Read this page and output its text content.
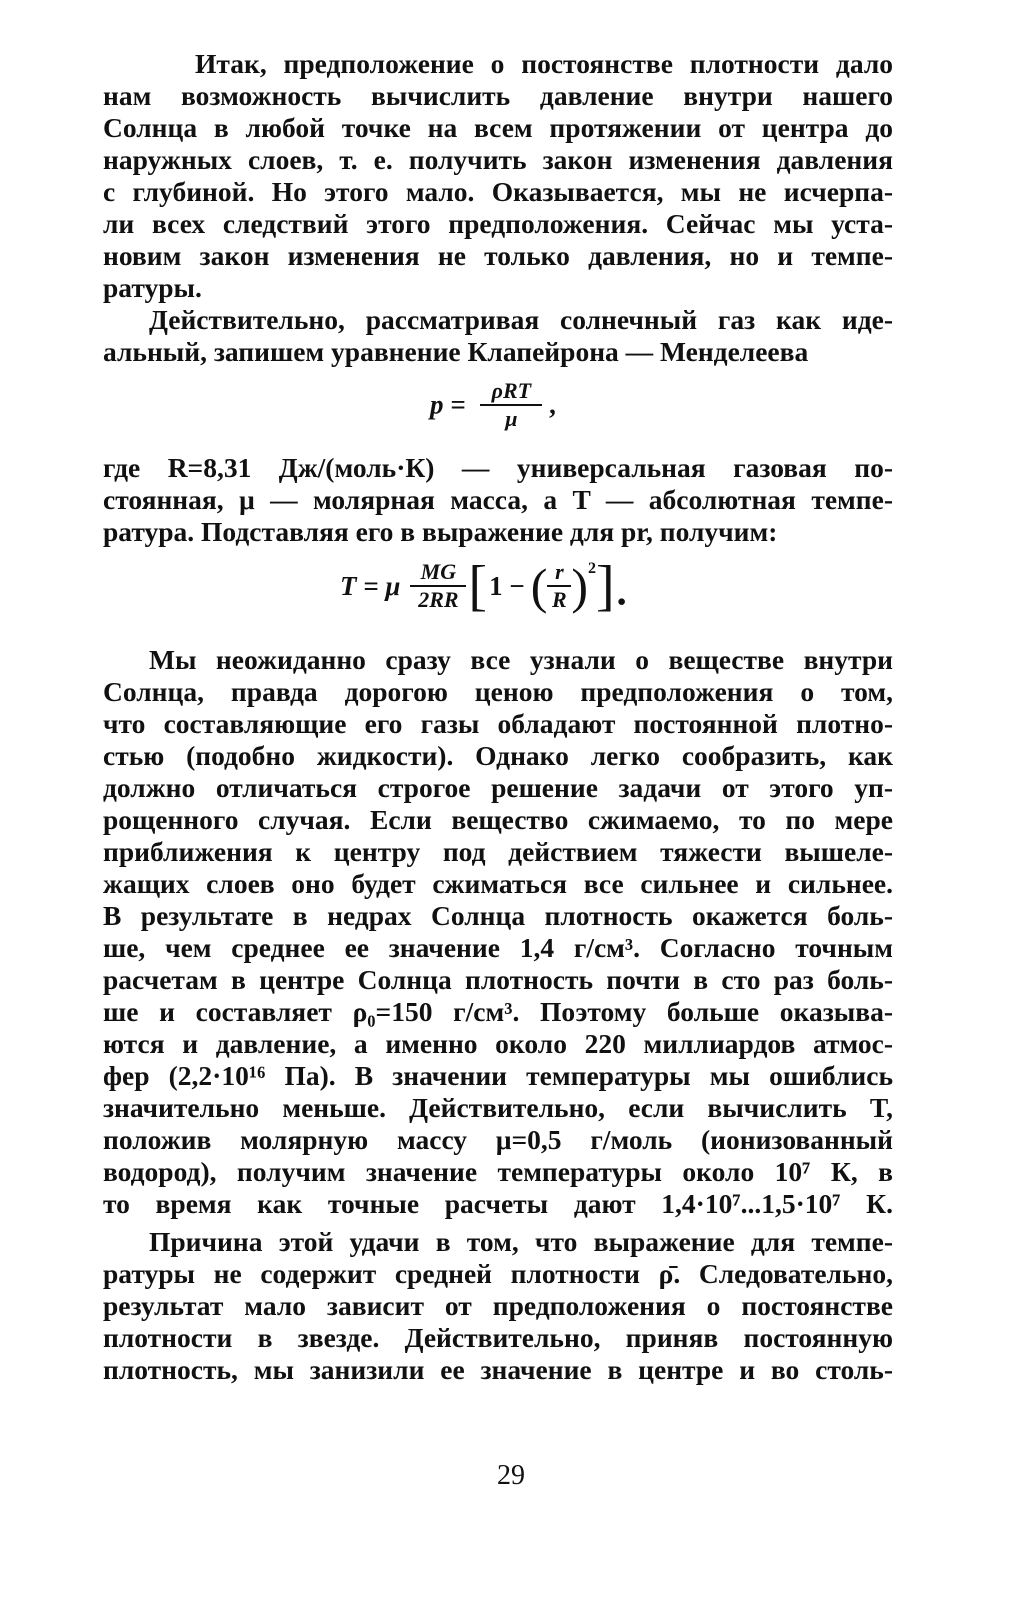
Итак, предположение о постоянстве плотности дало
нам возможность вычислить давление внутри нашего
Солнца в любой точке на всем протяжении от центра до
наружных слоев, т. е. получить закон изменения давления
с глубиной. Но этого мало. Оказывается, мы не исчерпа-
ли всех следствий этого предположения. Сейчас мы уста-
новим закон изменения не только давления, но и темпе-
ратуры.
Действительно, рассматривая солнечный газ как иде-
альный, запишем уравнение Клапейрона — Менделеева
$p = \frac{\text{ρRT}}{\mu}$ ,
где R=8,31 Дж/(моль·К) — универсальная газовая по-
стоянная, μ — молярная масса, а T — абсолютная темпе-
ратура. Подставляя его в выражение для pr, получим:
T = μ $\frac{MG}{2RR}$ [ 1 − ( $\frac{r}{R}$ ) 2 ].
Мы неожиданно сразу все узнали о веществе внутри
Солнца, правда дорогою ценою предположения о том,
что составляющие его газы обладают постоянной плотно-
стью (подобно жидкости). Однако легко сообразить, как
должно отличаться строгое решение задачи от этого уп-
рощенного случая. Если вещество сжимаемо, то по мере
приближения к центру под действием тяжести вышеле-
жащих слоев оно будет сжиматься все сильнее и сильнее.
В результате в недрах Солнца плотность окажется боль-
ше, чем среднее ее значение 1,4 г/см³. Согласно точным
расчетам в центре Солнца плотность почти в сто раз боль-
ше и составляет ρ₀=150 г/см³. Поэтому больше оказыва-
ются и давление, а именно около 220 миллиардов атмос-
фер (2,2·10¹⁶ Па). В значении температуры мы ошиблись
значительно меньше. Действительно, если вычислить T,
положив молярную массу μ=0,5 г/моль (ионизованный
водород), получим значение температуры около 10⁷ К, в
то время как точные расчеты дают 1,4·10⁷...1,5·10⁷ К.
Причина этой удачи в том, что выражение для темпе-
ратуры не содержит средней плотности ρ̄. Следовательно,
результат мало зависит от предположения о постоянстве
плотности в звезде. Действительно, приняв постоянную
плотность, мы занизили ее значение в центре и во столь-
29
